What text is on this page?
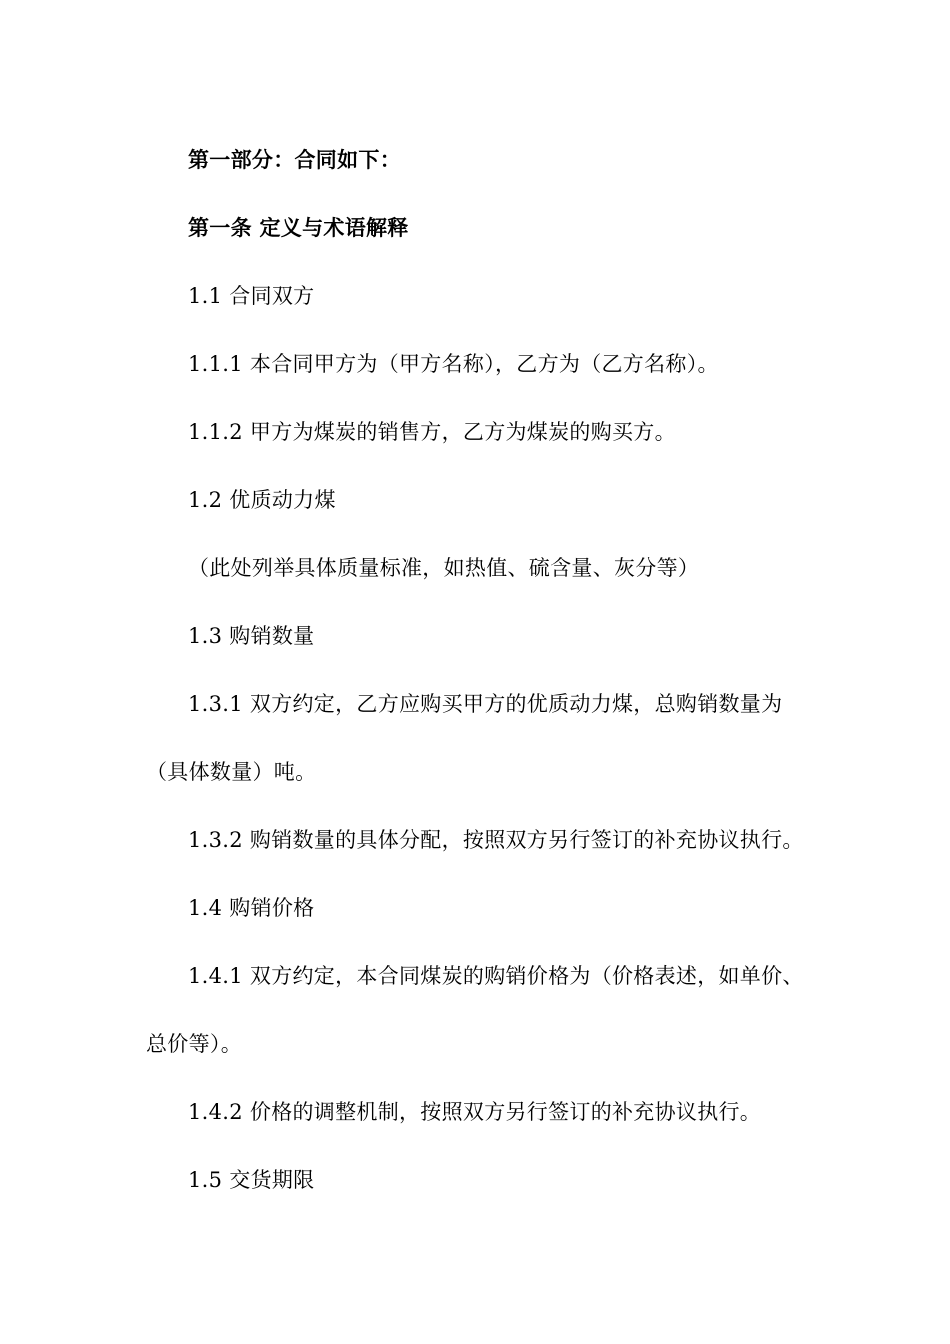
第一部分：合同如下：

第一条 定义与术语解释

1.1 合同双方

1.1.1 本合同甲方为（甲方名称），乙方为（乙方名称）。

1.1.2 甲方为煤炭的销售方，乙方为煤炭的购买方。

1.2 优质动力煤

（此处列举具体质量标准，如热值、硫含量、灰分等）

1.3 购销数量

1.3.1 双方约定，乙方应购买甲方的优质动力煤，总购销数量为（具体数量）吨。

1.3.2 购销数量的具体分配，按照双方另行签订的补充协议执行。

1.4 购销价格

1.4.1 双方约定，本合同煤炭的购销价格为（价格表述，如单价、总价等）。

1.4.2 价格的调整机制，按照双方另行签订的补充协议执行。

1.5 交货期限
